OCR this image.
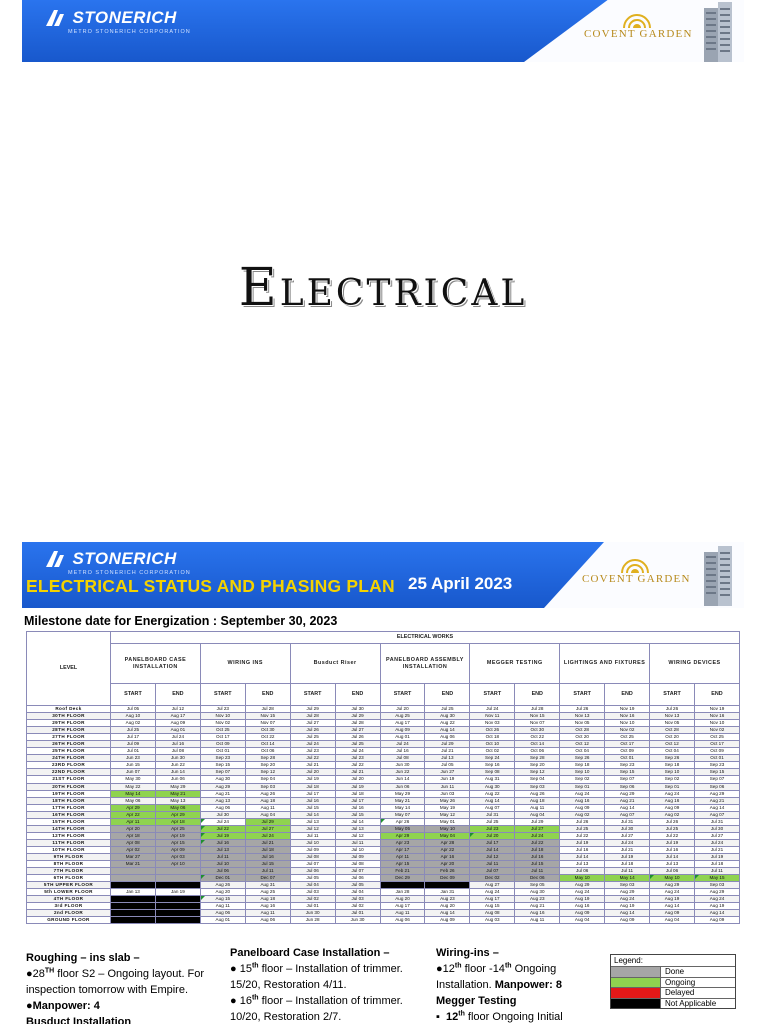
STONERICH
METRO STONERICH CORPORATION	COVENT GARDEN
Electrical
STONERICH
METRO STONERICH CORPORATION
ELECTRICAL STATUS AND PHASING PLAN 25 April 2023	COVENT GARDEN
Milestone date for Energization : September 30, 2023
LEVEL	ELECTRICAL WORKS													
	PANELBOARD CASE INSTALLATION		WIRING INS		Busduct Riser		PANELBOARD ASSEMBLY INSTALLATION		MEGGER TESTING		LIGHTINGS AND FIXTURES		WIRING DEVICES	
	START	END	START	END	START	END	START	END	START	END	START	END	START	END
Roof Deck	Jul 05	Jul 12	Jul 23	Jul 28	Jul 29	Jul 30	Jul 20	Jul 25	Jul 24	Jul 28	Jul 26	Nov 19	Jul 26	Nov 19
30TH FLOOR	Aug 10	Aug 17	Nov 10	Nov 15	Jul 28	Jul 29	Aug 25	Aug 30	Nov 11	Nov 15	Nov 13	Nov 16	Nov 13	Nov 16
29TH FLOOR	Aug 02	Aug 09	Nov 02	Nov 07	Jul 27	Jul 28	Aug 17	Aug 22	Nov 03	Nov 07	Nov 05	Nov 10	Nov 05	Nov 10
28TH FLOOR	Jul 25	Aug 01	Oct 25	Oct 30	Jul 26	Jul 27	Aug 09	Aug 14	Oct 26	Oct 30	Oct 28	Nov 02	Oct 28	Nov 02
27TH FLOOR	Jul 17	Jul 24	Oct 17	Oct 22	Jul 25	Jul 26	Aug 01	Aug 06	Oct 18	Oct 22	Oct 20	Oct 25	Oct 20	Oct 25
26TH FLOOR	Jul 09	Jul 16	Oct 09	Oct 14	Jul 24	Jul 25	Jul 24	Jul 29	Oct 10	Oct 14	Oct 12	Oct 17	Oct 12	Oct 17
25TH FLOOR	Jul 01	Jul 08	Oct 01	Oct 06	Jul 23	Jul 24	Jul 16	Jul 21	Oct 02	Oct 06	Oct 04	Oct 09	Oct 04	Oct 09
24TH FLOOR	Jun 23	Jun 30	Sep 23	Sep 28	Jul 22	Jul 23	Jul 08	Jul 13	Sep 24	Sep 28	Sep 26	Oct 01	Sep 26	Oct 01
23RD FLOOR	Jun 15	Jun 22	Sep 15	Sep 20	Jul 21	Jul 22	Jun 30	Jul 05	Sep 16	Sep 20	Sep 18	Sep 23	Sep 18	Sep 23
22ND FLOOR	Jun 07	Jun 14	Sep 07	Sep 12	Jul 20	Jul 21	Jun 22	Jun 27	Sep 08	Sep 12	Sep 10	Sep 15	Sep 10	Sep 15
21ST FLOOR	May 30	Jun 06	Aug 30	Sep 04	Jul 19	Jul 20	Jun 14	Jun 19	Aug 31	Sep 04	Sep 02	Sep 07	Sep 02	Sep 07
20TH FLOOR	May 22	May 29	Aug 29	Sep 03	Jul 18	Jul 19	Jun 06	Jun 11	Aug 30	Sep 03	Sep 01	Sep 06	Sep 01	Sep 06
19TH FLOOR	May 14	May 21	Aug 21	Aug 26	Jul 17	Jul 18	May 29	Jun 03	Aug 22	Aug 26	Aug 24	Aug 29	Aug 24	Aug 29
18TH FLOOR	May 06	May 13	Aug 13	Aug 18	Jul 16	Jul 17	May 21	May 26	Aug 14	Aug 18	Aug 16	Aug 21	Aug 16	Aug 21
17TH FLOOR	Apr 29	May 06	Aug 06	Aug 11	Jul 15	Jul 16	May 14	May 19	Aug 07	Aug 11	Aug 09	Aug 14	Aug 09	Aug 14
16TH FLOOR	Apr 22	Apr 29	Jul 30	Aug 04	Jul 14	Jul 15	May 07	May 12	Jul 31	Aug 04	Aug 02	Aug 07	Aug 02	Aug 07
15TH FLOOR	Apr 11	Apr 18	Jul 24	Jul 29	Jul 13	Jul 14	Apr 26	May 01	Jul 25	Jul 29	Jul 26	Jul 31	Jul 26	Jul 31
14TH FLOOR	Apr 20	Apr 25	Jul 22	Jul 27	Jul 12	Jul 13	May 05	May 10	Jul 23	Jul 27	Jul 25	Jul 30	Jul 25	Jul 30
12TH FLOOR	Apr 18	Apr 19	Jul 19	Jul 24	Jul 11	Jul 12	Apr 29	May 04	Jul 20	Jul 24	Jul 22	Jul 27	Jul 22	Jul 27
11TH FLOOR	Apr 08	Apr 15	Jul 16	Jul 21	Jul 10	Jul 11	Apr 23	Apr 28	Jul 17	Jul 22	Jul 19	Jul 24	Jul 19	Jul 24
10TH FLOOR	Apr 02	Apr 09	Jul 13	Jul 18	Jul 09	Jul 10	Apr 17	Apr 22	Jul 14	Jul 18	Jul 16	Jul 21	Jul 16	Jul 21
9TH FLOOR	Mar 27	Apr 03	Jul 11	Jul 16	Jul 08	Jul 09	Apr 11	Apr 16	Jul 12	Jul 16	Jul 14	Jul 19	Jul 14	Jul 19
8TH FLOOR	Mar 21	Apr 10	Jul 10	Jul 15	Jul 07	Jul 08	Apr 15	Apr 20	Jul 11	Jul 15	Jul 13	Jul 18	Jul 13	Jul 18
7TH FLOOR			Jul 06	Jul 11	Jul 06	Jul 07	Feb 21	Feb 26	Jul 07	Jul 11	Jul 06	Jul 11	Jul 06	Jul 11
6TH FLOOR			Dec 01	Dec 07	Jul 05	Jul 06	Dec 29	Dec 09	Dec 02	Dec 06	May 10	May 14	May 10	May 15
5TH UPPER FLOOR			Aug 26	Aug 31	Jul 04	Jul 05			Aug 27	Sep 05	Aug 29	Sep 03	Aug 29	Sep 03
5th LOWER FLOOR	Jan 13	Jan 19	Aug 20	Aug 25	Jul 03	Jul 04	Jan 28	Jan 31	Aug 24	Aug 30	Aug 24	Aug 29	Aug 24	Aug 29
4TH FLOOR			Aug 15	Aug 18	Jul 02	Jul 03	Aug 20	Aug 23	Aug 17	Aug 23	Aug 19	Aug 24	Aug 19	Aug 24
3rd FLOOR			Aug 11	Aug 16	Jul 01	Jul 02	Aug 17	Aug 20	Aug 15	Aug 21	Aug 16	Aug 19	Aug 14	Aug 19
2nd FLOOR			Aug 06	Aug 11	Jun 30	Jul 01	Aug 11	Aug 14	Aug 08	Aug 16	Aug 09	Aug 14	Aug 09	Aug 14
GROUND FLOOR			Aug 01	Aug 06	Jun 28	Jun 30	Aug 06	Aug 09	Aug 03	Aug 11	Aug 04	Aug 09	Aug 04	Aug 09
Roughing – ins slab –
●28TH floor S2 – Ongoing layout. For
inspection tomorrow with Empire.
●Manpower: 4
Busduct Installation
Panelboard Case Installation –
● 15th floor – Installation of trimmer.
15/20, Restoration 4/11.
● 16th floor – Installation of trimmer.
10/20, Restoration 2/7.
Wiring-ins –
●12th floor -14th Ongoing
Installation. Manpower: 8
Megger Testing
▪  12th floor Ongoing Initial
Legend:
Done
Ongoing
Delayed
Not Applicable
